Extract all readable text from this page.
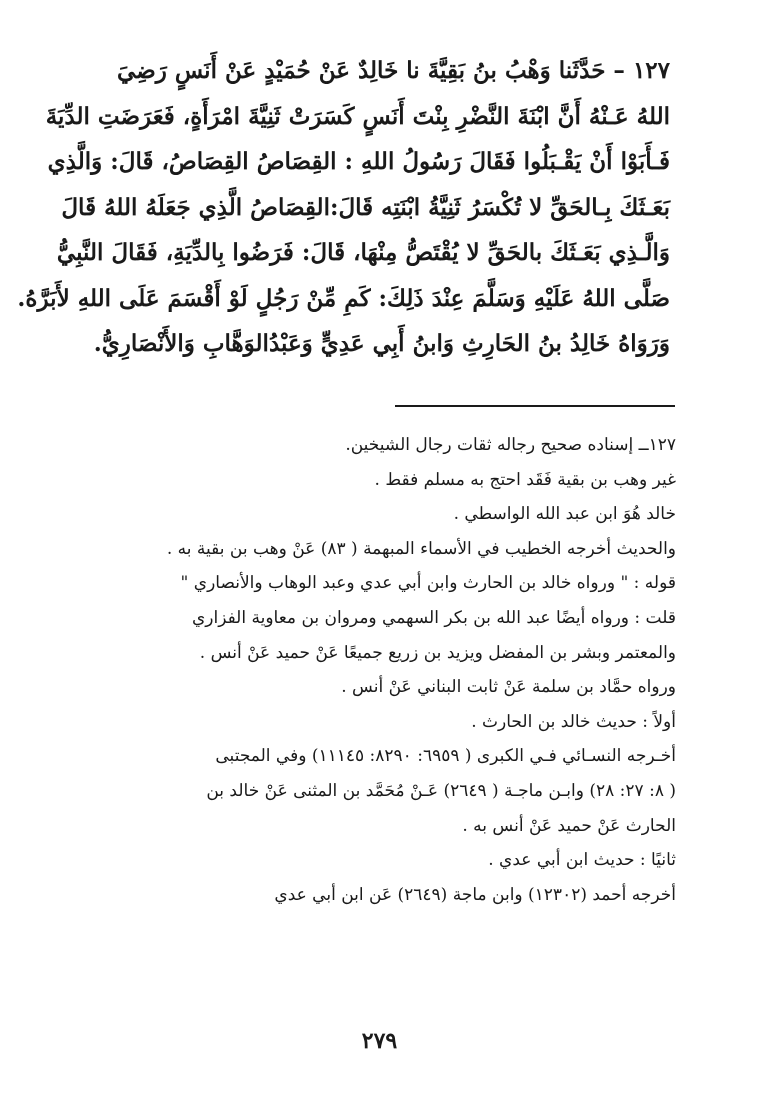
١٢٧ – حَدَّثَنا وَهْبُ بنُ بَقِيَّةَ نا خَالِدٌ عَنْ حُمَيْدٍ عَنْ أَنَسٍ رَضِيَ
اللهُ عَـنْهُ أَنَّ ابْنَةَ النَّضْرِ بِنْتَ أَنَسٍ كَسَرَتْ ثَنِيَّةَ امْرَأَةٍ، فَعَرَضَتِ الدِّيَةَ
فَـأَبَوْا أَنْ يَقْـبَلُوا فَقَالَ رَسُولُ اللهِ : القِصَاصُ القِصَاصُ، قَالَ: وَالَّذِي
بَعَـثَكَ بِـالحَقِّ لا تُكْسَرُ ثَنِيَّةُ ابْنَتِه قَالَ:القِصَاصُ الَّذِي جَعَلَهُ اللهُ قَالَ
وَالَّـذِي بَعَـثَكَ بالحَقِّ لا يُقْتَصُّ مِنْهَا، قَالَ: فَرَضُوا بِالدِّيَةِ، فَقَالَ النَّبِيُّ
صَلَّى اللهُ عَلَيْهِ وَسَلَّمَ عِنْدَ ذَلِكَ: كَمِ مِّنْ رَجُلٍ لَوْ أَقْسَمَ عَلَى اللهِ لأَبَرَّهُ.
وَرَوَاهُ خَالِدُ بنُ الحَارِثِ وَابنُ أَبِي عَدِيٍّ وَعَبْدُالوَهَّابِ وَالأَنْصَارِيُّ.
١٢٧ــ إسناده صحيح رجاله ثقات رجال الشيخين.
غير وهب بن بقية فَقَد احتج به مسلم فقط .
خالد هُوَ ابن عبد الله الواسطي .
والحديث أخرجه الخطيب في الأسماء المبهمة ( ٨٣) عَنْ وهب بن بقية به .
قوله : " ورواه خالد بن الحارث وابن أبي عدي وعبد الوهاب والأنصاري "
قلت : ورواه أيضًا عبد الله بن بكر السهمي ومروان بن معاوية الفزاري
والمعتمر وبشر بن المفضل ويزيد بن زريع جميعًا عَنْ حميد عَنْ أنس .
ورواه حمَّاد بن سلمة عَنْ ثابت البناني عَنْ أنس .
أولاً : حديث خالد بن الحارث .
أخـرجه النسـائي فـي الكبرى ( ٦٩٥٩: ٨٢٩٠: ١١١٤٥) وفي المجتبى
( ٨: ٢٧: ٢٨) وابـن ماجـة ( ٢٦٤٩) عَـنْ مُحَمَّد بن المثنى عَنْ خالد بن
الحارث عَنْ حميد عَنْ أنس به .
ثانيًا : حديث ابن أبي عدي .
أخرجه أحمد (١٢٣٠٢) وابن ماجة (٢٦٤٩) عَن ابن أبي عدي
٢٧٩
